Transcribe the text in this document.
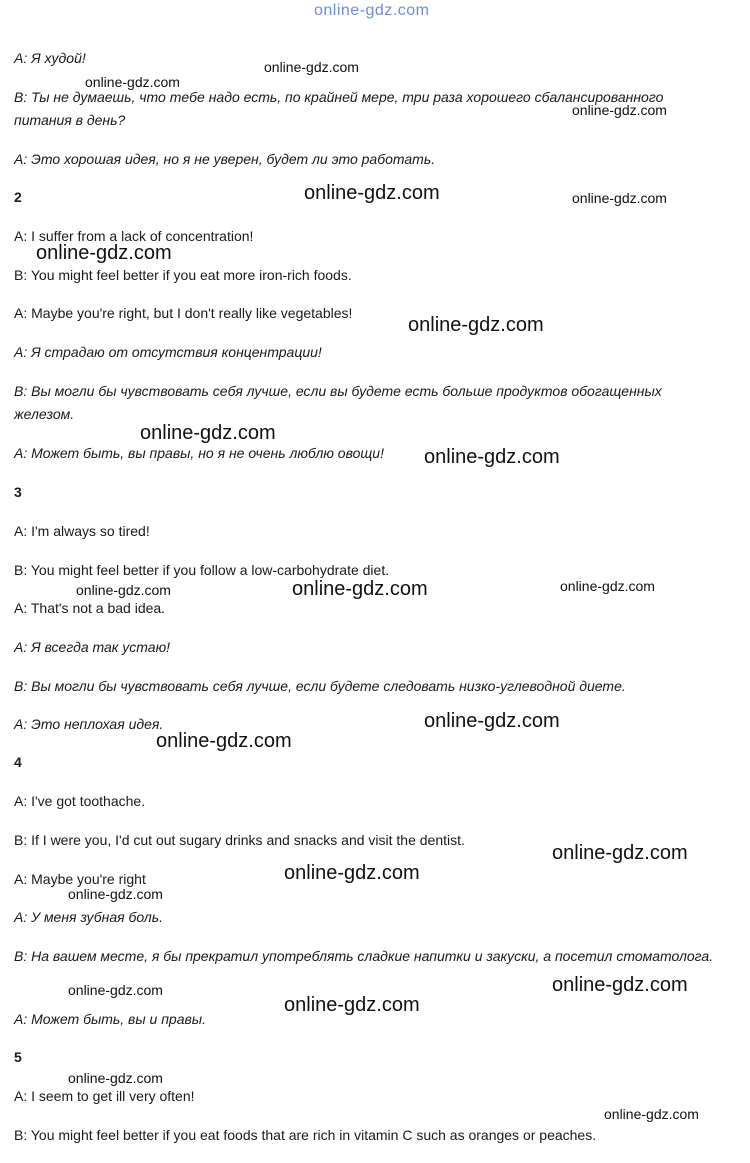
online-gdz.com
A: Я худой!
B: Ты не думаешь, что тебе надо есть, по крайней мере, три раза хорошего сбалансированного питания в день?
A: Это хорошая идея, но я не уверен, будет ли это работать.
2
A: I suffer from a lack of concentration!
B: You might feel better if you eat more iron-rich foods.
A: Maybe you're right, but I don't really like vegetables!
A: Я страдаю от отсутствия концентрации!
B: Вы могли бы чувствовать себя лучше, если вы будете есть больше продуктов обогащенных железом.
A: Может быть, вы правы, но я не очень люблю овощи!
3
A: I'm always so tired!
B: You might feel better if you follow a low-carbohydrate diet.
A: That's not a bad idea.
A: Я всегда так устаю!
B: Вы могли бы чувствовать себя лучше, если будете следовать низко-углеводной диете.
A: Это неплохая идея.
4
A: I've got toothache.
B: If I were you, I'd cut out sugary drinks and snacks and visit the dentist.
A: Maybe you're right
A: У меня зубная боль.
B: На вашем месте, я бы прекратил употреблять сладкие напитки и закуски, а посетил стоматолога.
A: Может быть, вы и правы.
5
A: I seem to get ill very often!
B: You might feel better if you eat foods that are rich in vitamin C such as oranges or peaches.
online-gdz.com
online-gdz.com
online-gdz.com
online-gdz.com
online-gdz.com	online-gdz.com
online-gdz.com
online-gdz.com
online-gdz.com
online-gdz.com
online-gdz.com
online-gdz.com
online-gdz.com
online-gdz.com
online-gdz.com
online-gdz.com
online-gdz.com
online-gdz.com
online-gdz.com
online-gdz.com
online-gdz.com
online-gdz.com
